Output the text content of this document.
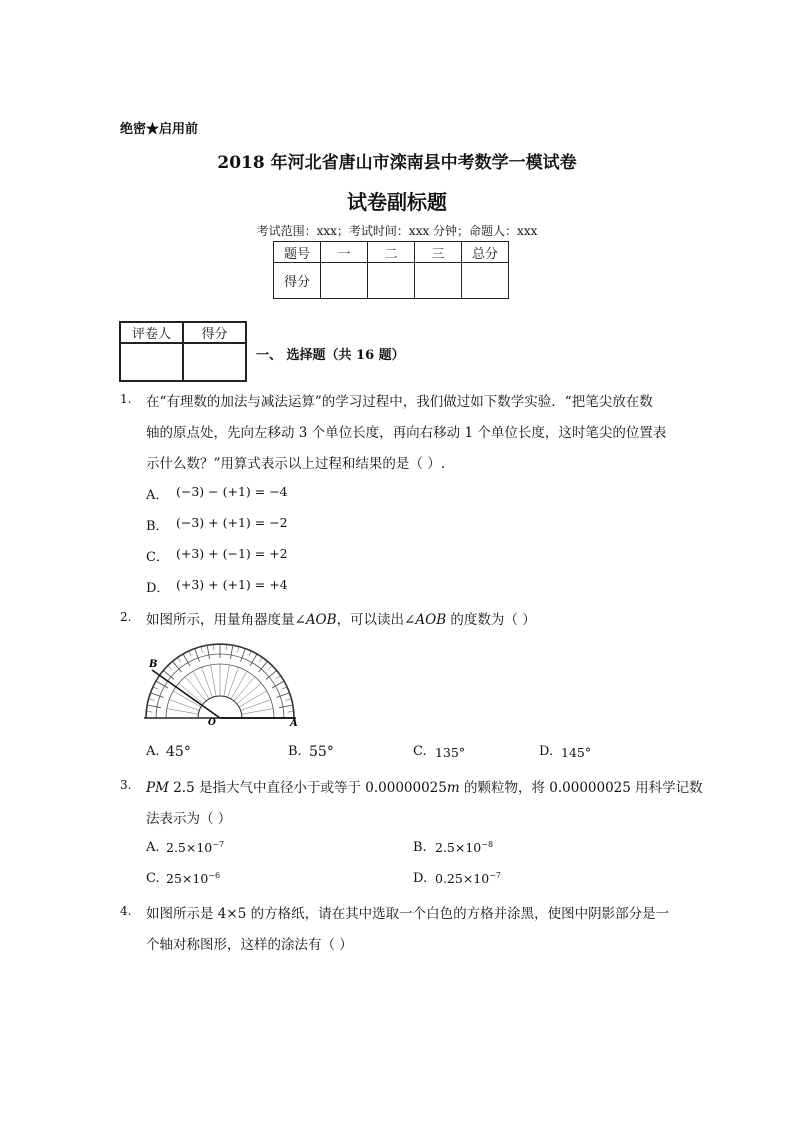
绝密★启用前
2018 年河北省唐山市滦南县中考数学一模试卷
试卷副标题
考试范围：xxx；考试时间：xxx 分钟；命题人：xxx
题号	一	二	三	总分
得分				
评卷人	得分

一、 选择题（共 16 题）
1. 在“有理数的加法与减法运算”的学习过程中，我们做过如下数学实验．“把笔尖放在数
轴的原点处，先向左移动 3 个单位长度，再向右移动 1 个单位长度，这时笔尖的位置表
示什么数？”用算式表示以上过程和结果的是（ ）.
A． (−3) − (+1) = −4
B． (−3) + (+1) = −2
C． (+3) + (−1) = +2
D． (+3) + (+1) = +4
2. 如图所示，用量角器度量∠AOB，可以读出∠AOB 的度数为（ ）
B
O	A
A. 45°	B. 55°	C. 135°	D. 145°
3. PM 2.5 是指大气中直径小于或等于 0.00000025m 的颗粒物，将 0.00000025 用科学记数
法表示为（ ）
A. $2.5\times 10^{-7}$	B. $2.5\times 10^{-8}$
C. $25\times 10^{-6}$	D. $0.25\times 10^{-7}$
4. 如图所示是 4×5 的方格纸，请在其中选取一个白色的方格并涂黑，使图中阴影部分是一
个轴对称图形，这样的涂法有（ ）
